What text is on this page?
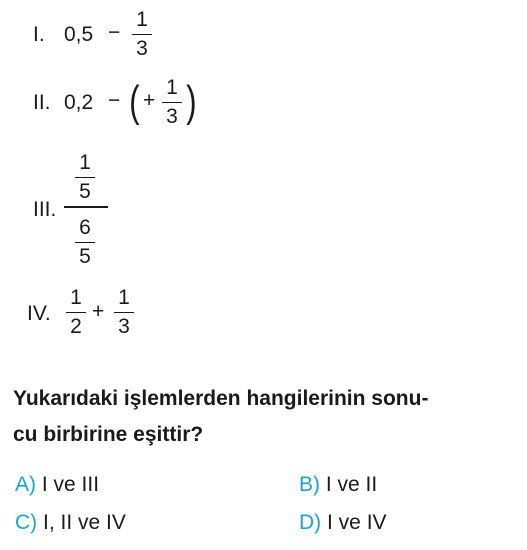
I. 0,5 −
1
3
II. 0,2 − ( +
1
3 )
III.
1
5
6
5
IV.
1
2
+
1
3
Yukarıdaki işlemlerden hangilerinin sonu-
cu birbirine eşittir?
A) I ve III	B) I ve II
C) I, II ve IV	D) I ve IV
